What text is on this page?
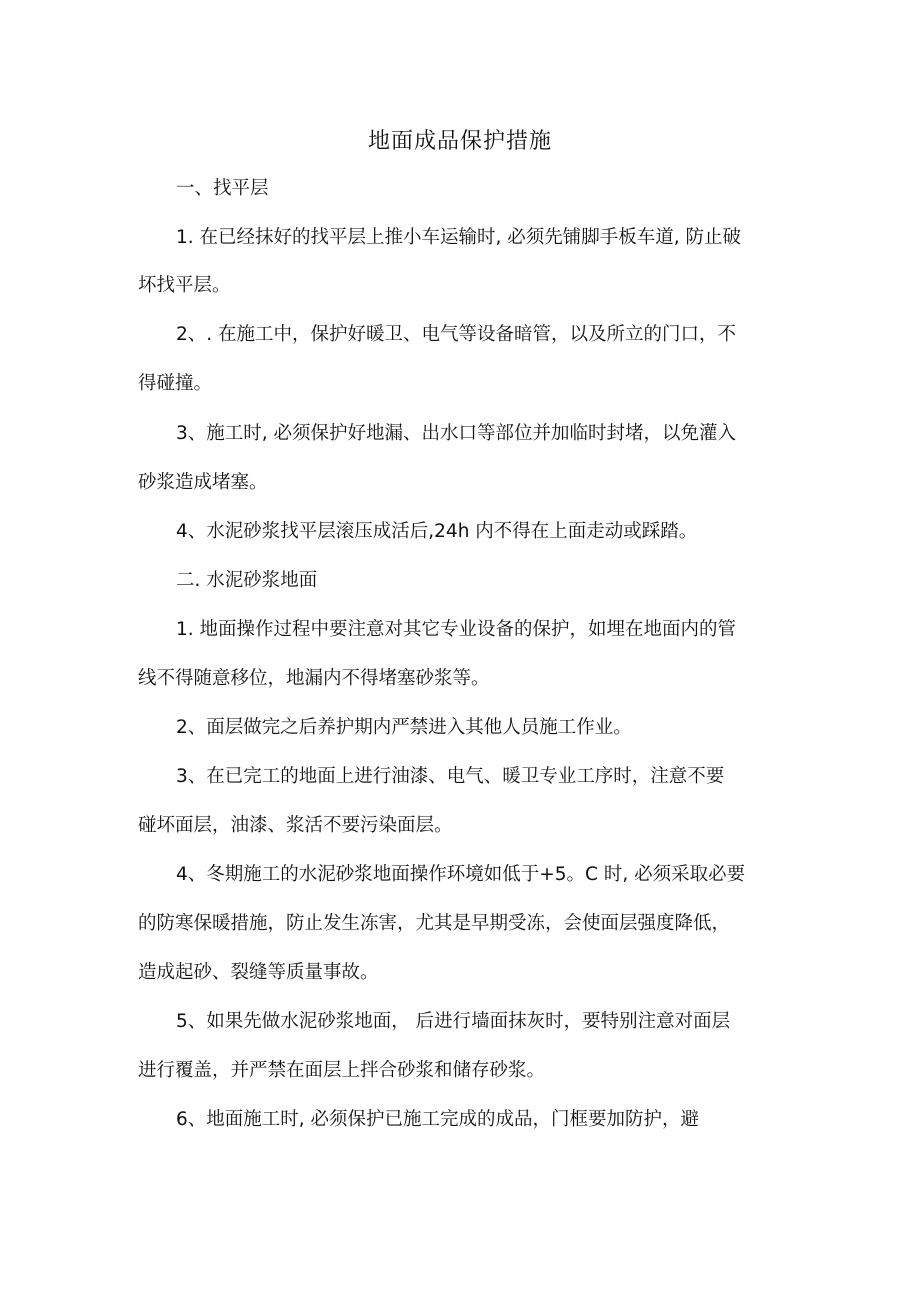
地面成品保护措施
一、找平层
1. 在已经抹好的找平层上推小车运输时, 必须先铺脚手板车道, 防止破
坏找平层。
2、. 在施工中，保护好暖卫、电气等设备暗管，以及所立的门口，不
得碰撞。
3、施工时, 必须保护好地漏、出水口等部位并加临时封堵，以免灌入
砂浆造成堵塞。
4、水泥砂浆找平层滚压成活后,24h 内不得在上面走动或踩踏。
二. 水泥砂浆地面
1. 地面操作过程中要注意对其它专业设备的保护，如埋在地面内的管
线不得随意移位，地漏内不得堵塞砂浆等。
2、面层做完之后养护期内严禁进入其他人员施工作业。
3、在已完工的地面上进行油漆、电气、暖卫专业工序时，注意不要
碰坏面层，油漆、浆活不要污染面层。
4、冬期施工的水泥砂浆地面操作环境如低于+5。C 时, 必须采取必要
的防寒保暖措施，防止发生冻害，尤其是早期受冻，会使面层强度降低，
造成起砂、裂缝等质量事故。
5、如果先做水泥砂浆地面， 后进行墙面抹灰时，要特别注意对面层
进行覆盖，并严禁在面层上拌合砂浆和储存砂浆。
6、地面施工时, 必须保护已施工完成的成品，门框要加防护，避
